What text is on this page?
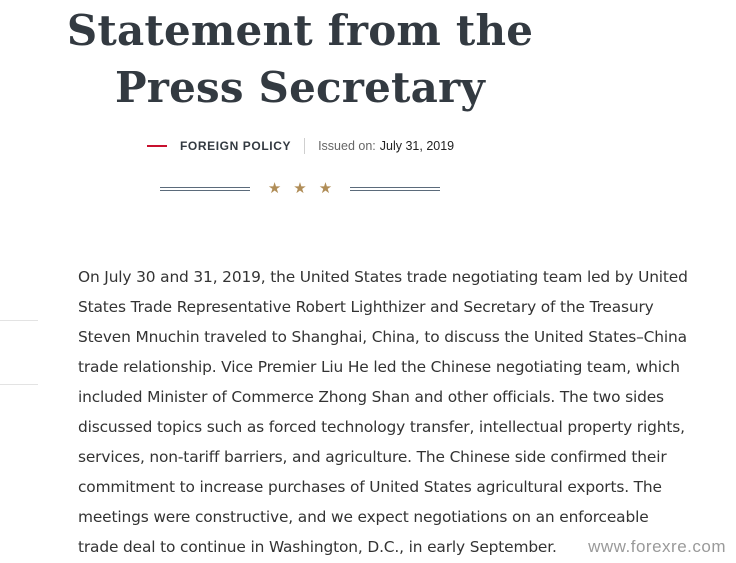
Statement from the Press Secretary
FOREIGN POLICY Issued on: July 31, 2019
★★★

On July 30 and 31, 2019, the United States trade negotiating team led by United States Trade Representative Robert Lighthizer and Secretary of the Treasury Steven Mnuchin traveled to Shanghai, China, to discuss the United States–China trade relationship. Vice Premier Liu He led the Chinese negotiating team, which included Minister of Commerce Zhong Shan and other officials. The two sides discussed topics such as forced technology transfer, intellectual property rights, services, non-tariff barriers, and agriculture. The Chinese side confirmed their commitment to increase purchases of United States agricultural exports. The meetings were constructive, and we expect negotiations on an enforceable trade deal to continue in Washington, D.C., in early September.	www.forexre.com
